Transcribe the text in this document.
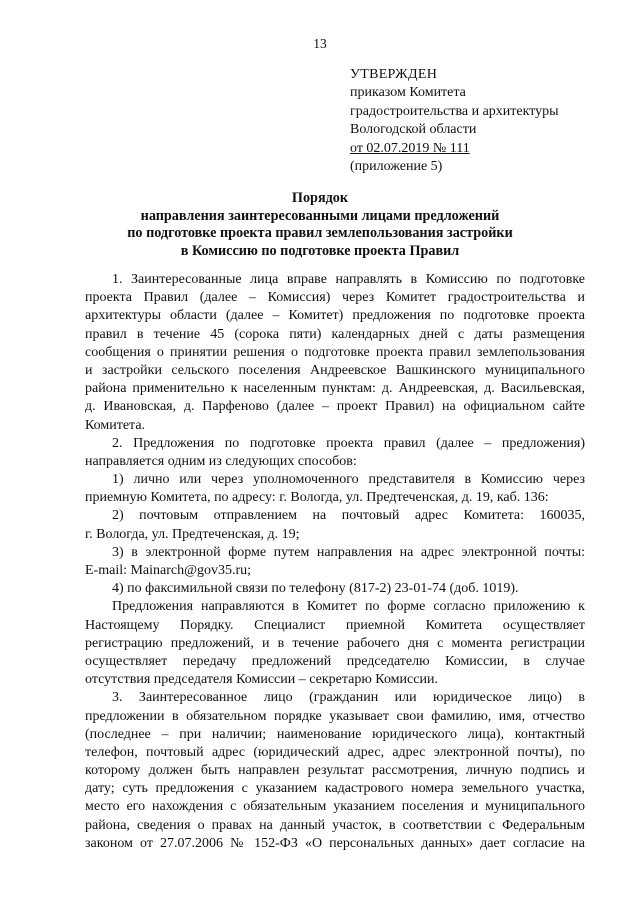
13
УТВЕРЖДЕН
приказом Комитета
градостроительства и архитектуры
Вологодской области
от 02.07.2019 № 111
(приложение 5)
Порядок
направления заинтересованными лицами предложений
по подготовке проекта правил землепользования застройки
в Комиссию по подготовке проекта Правил
1. Заинтересованные лица вправе направлять в Комиссию по подготовке
проекта Правил (далее – Комиссия) через Комитет градостроительства и
архитектуры области (далее – Комитет) предложения по подготовке проекта
правил в течение 45 (сорока пяти) календарных дней с даты размещения
сообщения о принятии решения о подготовке проекта правил землепользования
и застройки сельского поселения Андреевское Вашкинского муниципального
района применительно к населенным пунктам: д. Андреевская, д. Васильевская,
д. Ивановская, д. Парфеново (далее – проект Правил) на официальном сайте
Комитета.
2. Предложения по подготовке проекта правил (далее – предложения)
направляется одним из следующих способов:
1) лично или через уполномоченного представителя в Комиссию через
приемную Комитета, по адресу: г. Вологда, ул. Предтеченская, д. 19, каб. 136:
2) почтовым отправлением на почтовый адрес Комитета: 160035,
г. Вологда, ул. Предтеченская, д. 19;
3) в электронной форме путем направления на адрес электронной почты:
E-mail: Mainarch@gov35.ru;
4) по факсимильной связи по телефону (817-2) 23-01-74 (доб. 1019).
Предложения направляются в Комитет по форме согласно приложению к
Настоящему Порядку. Специалист приемной Комитета осуществляет
регистрацию предложений, и в течение рабочего дня с момента регистрации
осуществляет передачу предложений председателю Комиссии, в случае
отсутствия председателя Комиссии – секретарю Комиссии.
3. Заинтересованное лицо (гражданин или юридическое лицо) в
предложении в обязательном порядке указывает свои фамилию, имя, отчество
(последнее – при наличии; наименование юридического лица), контактный
телефон, почтовый адрес (юридический адрес, адрес электронной почты), по
которому должен быть направлен результат рассмотрения, личную подпись и
дату; суть предложения с указанием кадастрового номера земельного участка,
место его нахождения с обязательным указанием поселения и муниципального
района, сведения о правах на данный участок, в соответствии с Федеральным
законом от 27.07.2006 № 152-ФЗ «О персональных данных» дает согласие на
